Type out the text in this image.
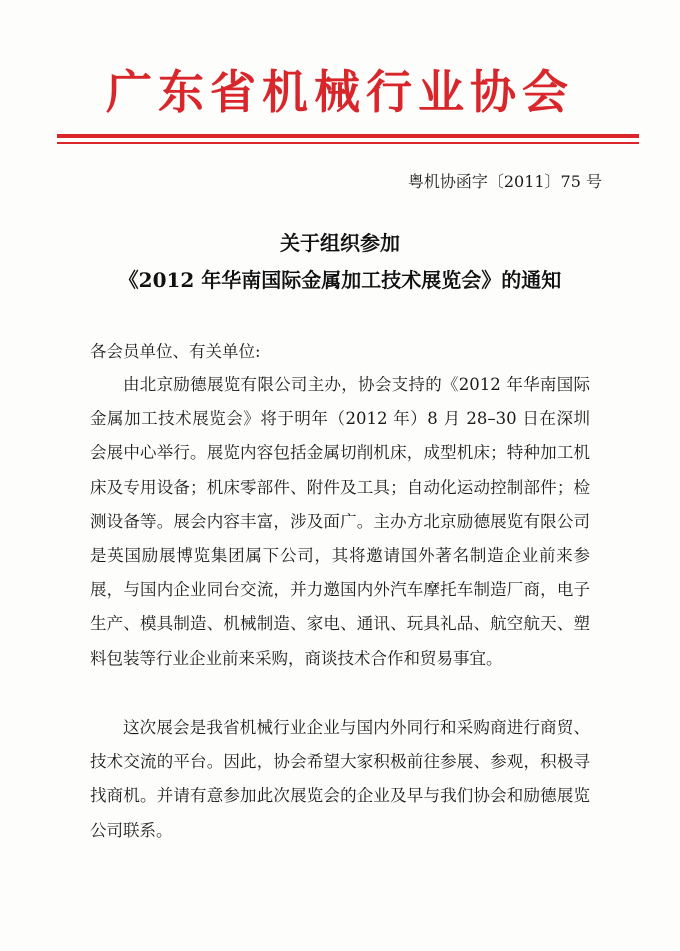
广东省机械行业协会
粤机协函字〔2011〕75 号
关于组织参加
《2012 年华南国际金属加工技术展览会》的通知
各会员单位、有关单位:
由北京励德展览有限公司主办，协会支持的《2012 年华南国际金属加工技术展览会》将于明年（2012 年）8 月 28–30 日在深圳会展中心举行。展览内容包括金属切削机床，成型机床；特种加工机床及专用设备；机床零部件、附件及工具；自动化运动控制部件；检测设备等。展会内容丰富，涉及面广。主办方北京励德展览有限公司是英国励展博览集团属下公司，其将邀请国外著名制造企业前来参展，与国内企业同台交流，并力邀国内外汽车摩托车制造厂商，电子生产、模具制造、机械制造、家电、通讯、玩具礼品、航空航天、塑料包装等行业企业前来采购，商谈技术合作和贸易事宜。
这次展会是我省机械行业企业与国内外同行和采购商进行商贸、技术交流的平台。因此，协会希望大家积极前往参展、参观，积极寻找商机。并请有意参加此次展览会的企业及早与我们协会和励德展览公司联系。
